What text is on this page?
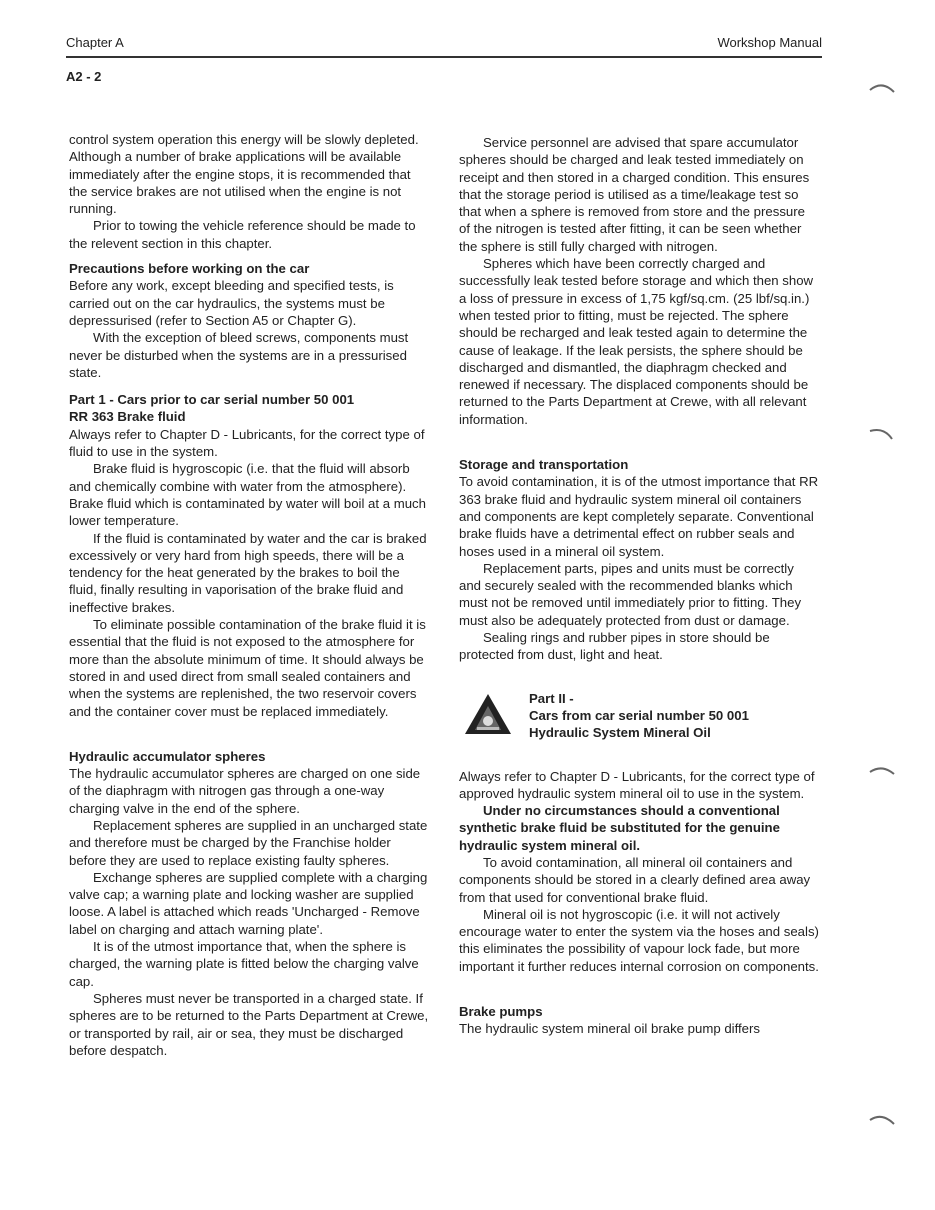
Chapter A	Workshop Manual
A2 - 2

control system operation this energy will be slowly depleted. Although a number of brake applications will be available immediately after the engine stops, it is recommended that the service brakes are not utilised when the engine is not running.

Prior to towing the vehicle reference should be made to the relevent section in this chapter.

Precautions before working on the car

Before any work, except bleeding and specified tests, is carried out on the car hydraulics, the systems must be depressurised (refer to Section A5 or Chapter G).

With the exception of bleed screws, components must never be disturbed when the systems are in a pressurised state.

Part 1 - Cars prior to car serial number 50 001

RR 363 Brake fluid

Always refer to Chapter D - Lubricants, for the correct type of fluid to use in the system.

Brake fluid is hygroscopic (i.e. that the fluid will absorb and chemically combine with water from the atmosphere). Brake fluid which is contaminated by water will boil at a much lower temperature.

If the fluid is contaminated by water and the car is braked excessively or very hard from high speeds, there will be a tendency for the heat generated by the brakes to boil the fluid, finally resulting in vaporisation of the brake fluid and ineffective brakes.

To eliminate possible contamination of the brake fluid it is essential that the fluid is not exposed to the atmosphere for more than the absolute minimum of time. It should always be stored in and used direct from small sealed containers and when the systems are replenished, the two reservoir covers and the container cover must be replaced immediately.

Hydraulic accumulator spheres

The hydraulic accumulator spheres are charged on one side of the diaphragm with nitrogen gas through a one-way charging valve in the end of the sphere.

Replacement spheres are supplied in an uncharged state and therefore must be charged by the Franchise holder before they are used to replace existing faulty spheres.

Exchange spheres are supplied complete with a charging valve cap; a warning plate and locking washer are supplied loose. A label is attached which reads 'Uncharged - Remove label on charging and attach warning plate'.

It is of the utmost importance that, when the sphere is charged, the warning plate is fitted below the charging valve cap.

Spheres must never be transported in a charged state. If spheres are to be returned to the Parts Department at Crewe, or transported by rail, air or sea, they must be discharged before despatch.

Service personnel are advised that spare accumulator spheres should be charged and leak tested immediately on receipt and then stored in a charged condition. This ensures that the storage period is utilised as a time/leakage test so that when a sphere is removed from store and the pressure of the nitrogen is tested after fitting, it can be seen whether the sphere is still fully charged with nitrogen.

Spheres which have been correctly charged and successfully leak tested before storage and which then show a loss of pressure in excess of 1,75 kgf/sq.cm. (25 lbf/sq.in.) when tested prior to fitting, must be rejected. The sphere should be recharged and leak tested again to determine the cause of leakage. If the leak persists, the sphere should be discharged and dismantled, the diaphragm checked and renewed if necessary. The displaced components should be returned to the Parts Department at Crewe, with all relevant information.

Storage and transportation

To avoid contamination, it is of the utmost importance that RR 363 brake fluid and hydraulic system mineral oil containers and components are kept completely separate. Conventional brake fluids have a detrimental effect on rubber seals and hoses used in a mineral oil system.

Replacement parts, pipes and units must be correctly and securely sealed with the recommended blanks which must not be removed until immediately prior to fitting. They must also be adequately protected from dust or damage.

Sealing rings and rubber pipes in store should be protected from dust, light and heat.

Part II -
Cars from car serial number 50 001
Hydraulic System Mineral Oil

Always refer to Chapter D - Lubricants, for the correct type of approved hydraulic system mineral oil to use in the system.

Under no circumstances should a conventional synthetic brake fluid be substituted for the genuine hydraulic system mineral oil.

To avoid contamination, all mineral oil containers and components should be stored in a clearly defined area away from that used for conventional brake fluid.

Mineral oil is not hygroscopic (i.e. it will not actively encourage water to enter the system via the hoses and seals) this eliminates the possibility of vapour lock fade, but more important it further reduces internal corrosion on components.

Brake pumps

The hydraulic system mineral oil brake pump differs
